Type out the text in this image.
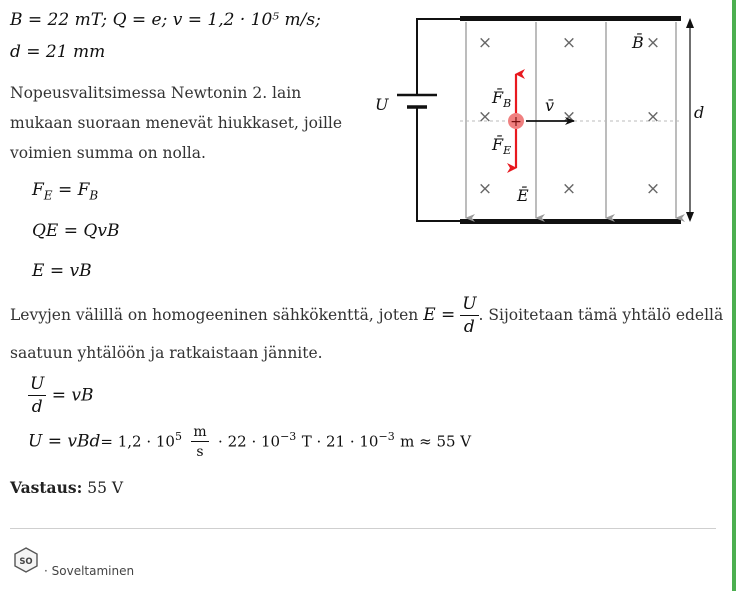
B = 22 mT; Q = e; v = 1,2 · 10⁵ m/s;
d = 21 mm
Nopeusvalitsimessa Newtonin 2. lain
mukaan suoraan menevät hiukkaset, joille
voimien summa on nolla.
$F_E = F_B$
QE = QvB
E = vB
Levyjen välillä on homogeeninen sähkökenttä, joten $E = \frac{U}{d}$ . Sijoitetaan tämä yhtälö edellä
saatuun yhtälöön ja ratkaistaan jännite.
$\frac{U}{d}$ = vB
$U = vBd= 1,2 \cdot 10^5 \frac{m}{s} \cdot 22 \cdot 10^{-3}$ $T \cdot 21 \cdot 10^{-3}$ m ≈ 55 V
Vastaus: 55 V
×	×	×
×	×	×
×	×	×
+
U	d
B̄
v̄
$F̄_B$
$F̄_E$
Ē
SO
· Soveltaminen
